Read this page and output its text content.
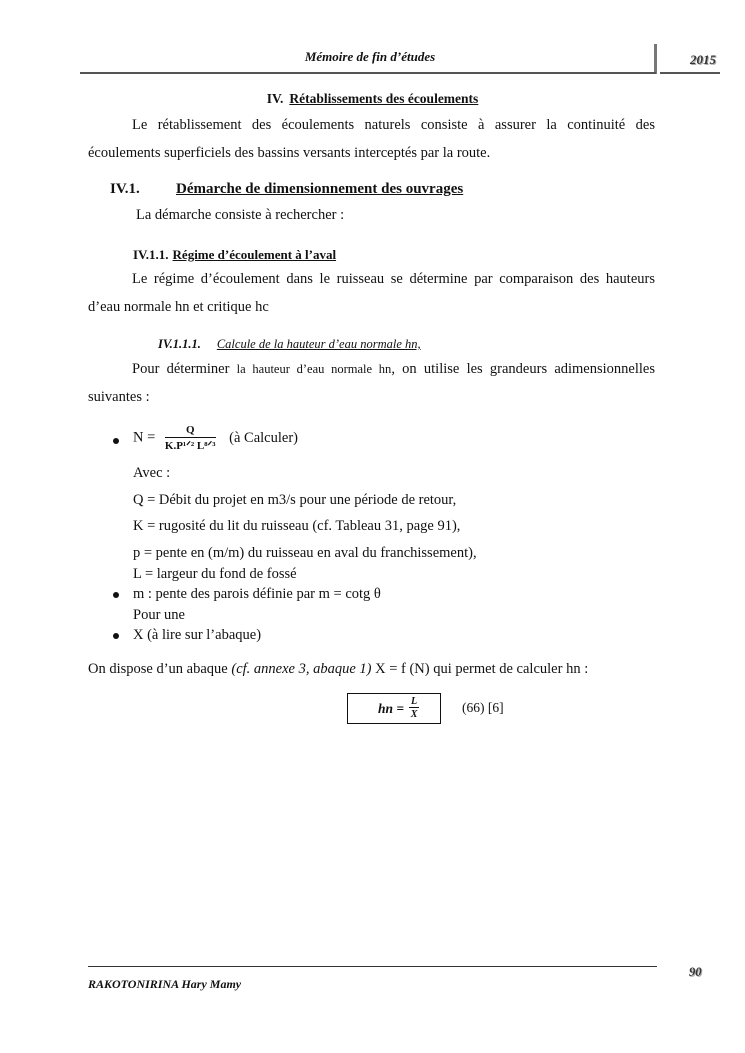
Mémoire de fin d’études	2015
IV. Rétablissements des écoulements
Le rétablissement des écoulements naturels consiste à assurer la continuité des écoulements superficiels des bassins versants interceptés par la route.
IV.1. Démarche de dimensionnement des ouvrages
La démarche consiste à rechercher :
IV.1.1. Régime d’écoulement à l’aval
Le régime d’écoulement dans le ruisseau se détermine par comparaison des hauteurs d’eau normale hn et critique hc
IV.1.1.1. Calcule de la hauteur d’eau normale hn,
Pour déterminer la hauteur d’eau normale hn, on utilise les grandeurs adimensionnelles suivantes :
$N = \frac{Q}{\text{K.P¹ᐟ² L⁸ᐟ³}}$ (à Calculer)
Avec :
Q = Débit du projet en m3/s pour une période de retour,
K = rugosité du lit du ruisseau (cf. Tableau 31, page 91),
p = pente en (m/m) du ruisseau en aval du franchissement),
L = largeur du fond de fossé
m : pente des parois définie par m = cotg θ
Pour une
X (à lire sur l’abaque)
On dispose d’un abaque (cf. annexe 3, abaque 1) X = f (N) qui permet de calculer hn :
hn = $\frac{L}{X}$	(66) [6]
90
RAKOTONIRINA Hary Mamy
